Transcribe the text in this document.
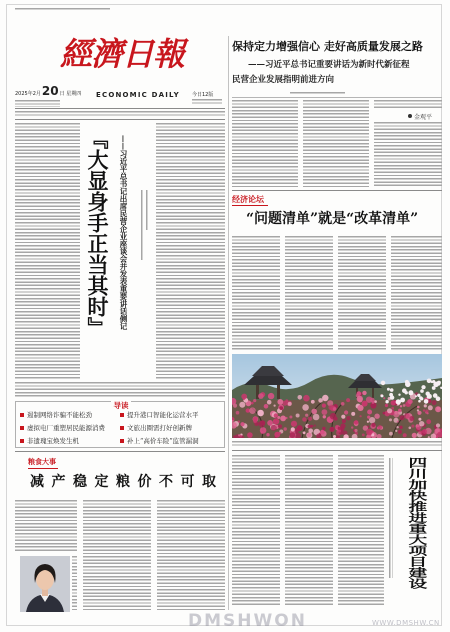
經濟日報
ECONOMIC DAILY
2025年2月20日 星期四	今日12版
『大显身手正当其时』 ——习近平总书记出席民营企业座谈会并发表重要讲话侧记
导读
遏制网络诈骗不能松劲
虚拟电厂重塑居民能源消费
非遗瑰宝焕发生机
提升港口智能化运营水平
文旅出圈需打好创新牌
补上“高价车险”监管漏洞
粮食大事
减产稳定粮价不可取
保持定力增强信心 走好高质量发展之路
——习近平总书记重要讲话为新时代新征程
民营企业发展指明前进方向
金观平
经济论坛
“问题清单”就是“改革清单”
四川加快推进重大项目建设
DMSHWON	WWW.DMSHW.CN
